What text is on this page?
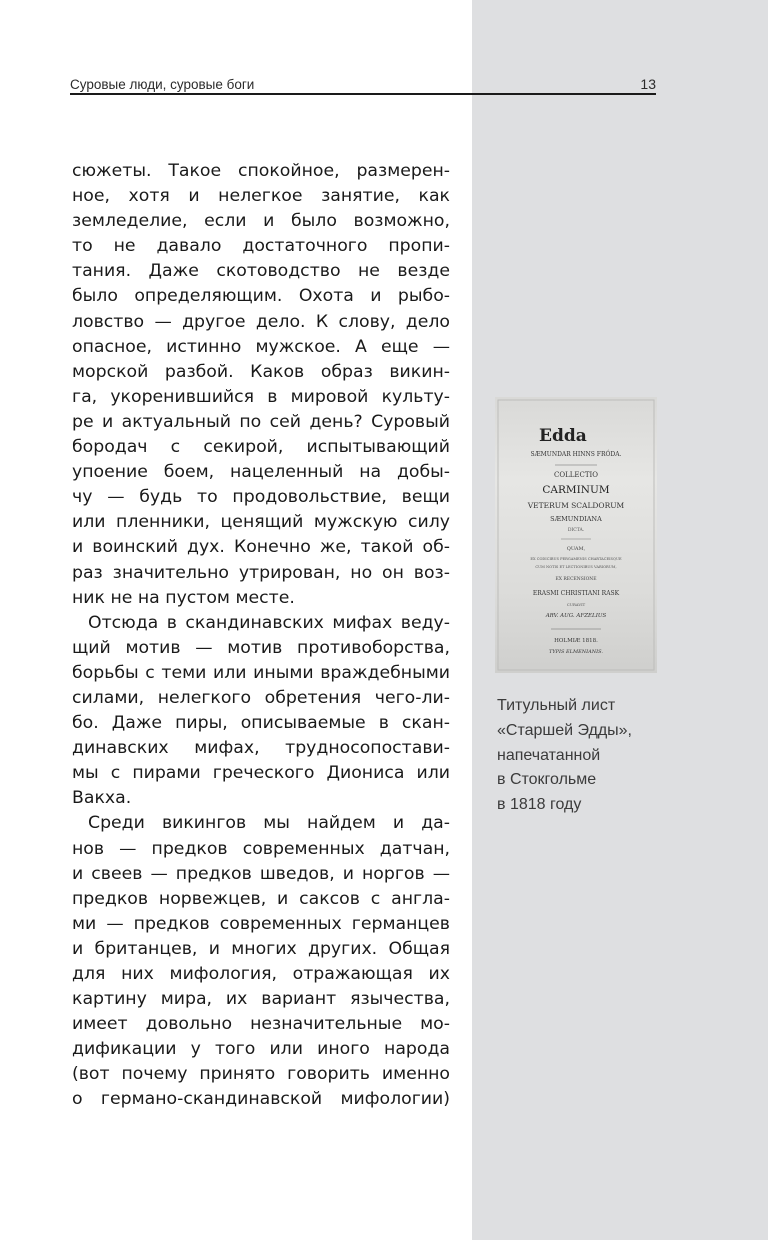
Суровые люди, суровые боги	13
сюжеты. Такое спокойное, размерен-
ное, хотя и нелегкое занятие, как
земледелие, если и было возможно,
то не давало достаточного пропи-
тания. Даже скотоводство не везде
было определяющим. Охота и рыбо-
ловство — другое дело. К слову, дело
опасное, истинно мужское. А еще —
морской разбой. Каков образ викин-
га, укоренившийся в мировой культу-
ре и актуальный по сей день? Суровый
бородач с секирой, испытывающий
упоение боем, нацеленный на добы-
чу — будь то продовольствие, вещи
или пленники, ценящий мужскую силу
и воинский дух. Конечно же, такой об-
раз значительно утрирован, но он воз-
ник не на пустом месте.
Отсюда в скандинавских мифах веду-
щий мотив — мотив противоборства,
борьбы с теми или иными враждебными
силами, нелегкого обретения чего-ли-
бо. Даже пиры, описываемые в скан-
динавских мифах, трудносопостави-
мы с пирами греческого Диониса или
Вакха.
Среди викингов мы найдем и да-
нов — предков современных датчан,
и свеев — предков шведов, и норгов —
предков норвежцев, и саксов с англа-
ми — предков современных германцев
и британцев, и многих других. Общая
для них мифология, отражающая их
картину мира, их вариант язычества,
имеет довольно незначительные мо-
дификации у того или иного народа
(вот почему принято говорить именно
о германо-скандинавской мифологии)
Edda
SÆMUNDAR HINNS FRÓDA.
COLLECTIO
CARMINUM
VETERUM SCALDORUM
SÆMUNDIANA
DICTA.
QUAM,
EX CODICIBUS PERGAMENIS CHARTACEISQUE
CUM NOTIS ET LECTIONIBUS VARIORUM,
EX RECENSIONE
ERASMI CHRISTIANI RASK
CURAVIT
ARV. AUG. AFZELIUS
HOLMIÆ 1818.
TYPIS ELMENIANIS.
Титульный лист
«Старшей Эдды»,
напечатанной
в Стокгольме
в 1818 году
